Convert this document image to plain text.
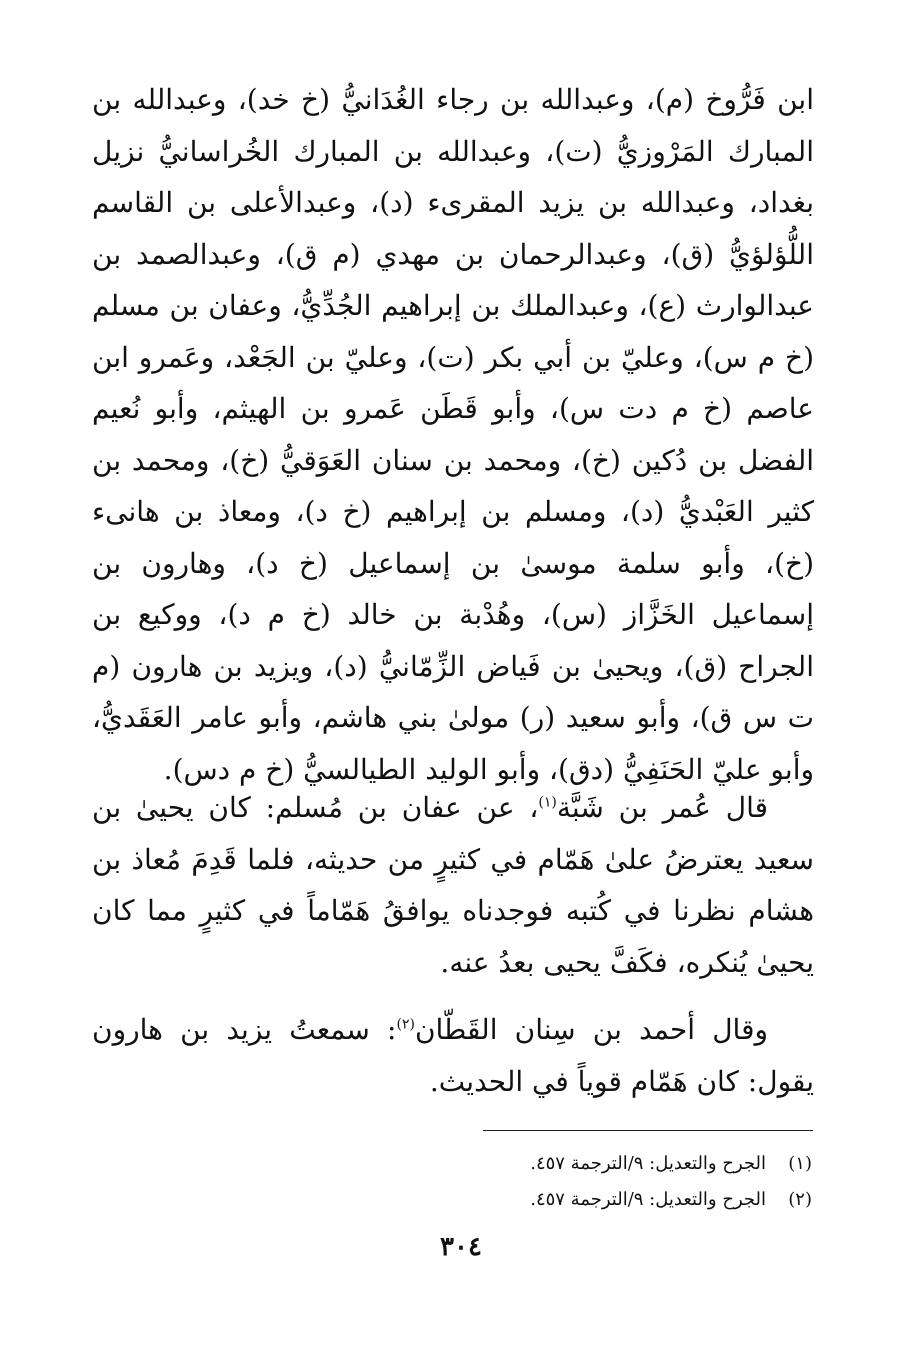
ابن فَرُّوخ (م)، وعبدالله بن رجاء الغُدَانيُّ (خ خد)، وعبدالله بن المبارك المَرْوزيُّ (ت)، وعبدالله بن المبارك الخُراسانيُّ نزيل بغداد، وعبدالله بن يزيد المقرىء (د)، وعبدالأعلى بن القاسم اللُّؤلؤيُّ (ق)، وعبدالرحمان بن مهدي (م ق)، وعبدالصمد بن عبدالوارث (ع)، وعبدالملك بن إبراهيم الجُدِّيُّ، وعفان بن مسلم (خ م س)، وعليّ بن أبي بكر (ت)، وعليّ بن الجَعْد، وعَمرو ابن عاصم (خ م دت س)، وأبو قَطَن عَمرو بن الهيثم، وأبو نُعيم الفضل بن دُكين (خ)، ومحمد بن سنان العَوَقيُّ (خ)، ومحمد بن كثير العَبْديُّ (د)، ومسلم بن إبراهيم (خ د)، ومعاذ بن هانىء (خ)، وأبو سلمة موسىٰ بن إسماعيل (خ د)، وهارون بن إسماعيل الخَزَّاز (س)، وهُدْبة بن خالد (خ م د)، ووكيع بن الجراح (ق)، ويحيىٰ بن فَياض الزِّمّانيُّ (د)، ويزيد بن هارون (م ت س ق)، وأبو سعيد (ر) مولىٰ بني هاشم، وأبو عامر العَقَديُّ، وأبو عليّ الحَنَفِيُّ (دق)، وأبو الوليد الطيالسيُّ (خ م دس).

قال عُمر بن شَبَّة$^{(١)}$، عن عفان بن مُسلم: كان يحيىٰ بن سعيد يعترضُ علىٰ هَمّام في كثيرٍ من حديثه، فلما قَدِمَ مُعاذ بن هشام نظرنا في كُتبه فوجدناه يوافقُ هَمّاماً في كثيرٍ مما كان يحيىٰ يُنكره، فكَفَّ يحيى بعدُ عنه.

وقال أحمد بن سِنان القَطّان$^{(٢)}$: سمعتُ يزيد بن هارون يقول: كان هَمّام قوياً في الحديث.

(١)الجرح والتعديل: ٩/الترجمة ٤٥٧.
(٢)الجرح والتعديل: ٩/الترجمة ٤٥٧.
٣٠٤
